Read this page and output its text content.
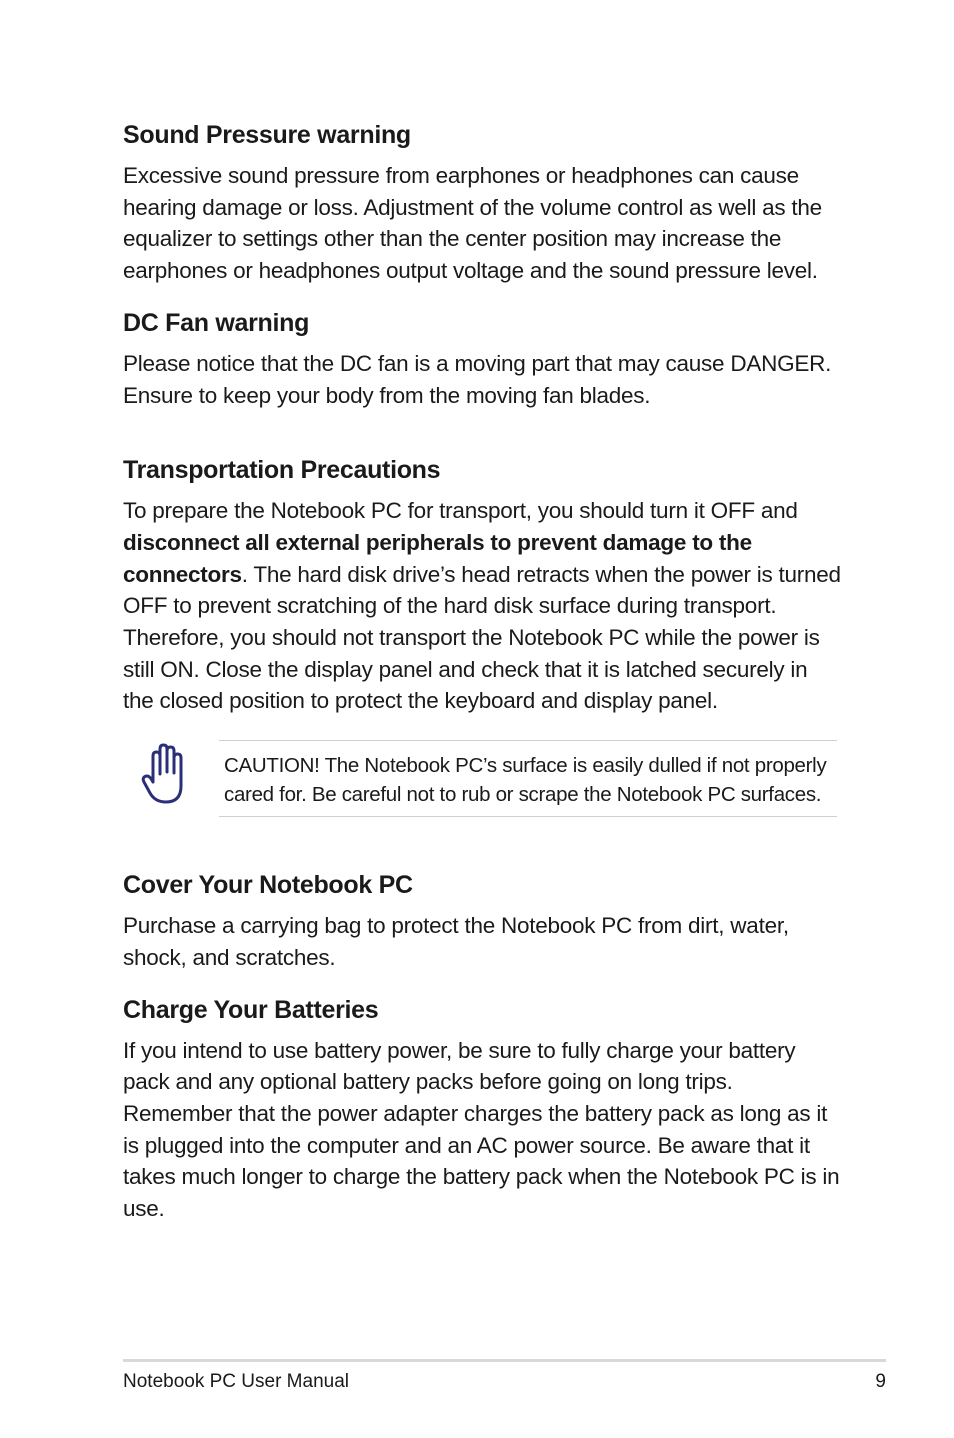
Sound Pressure warning

Excessive sound pressure from earphones or headphones can cause hearing damage or loss. Adjustment of the volume control as well as the equalizer to settings other than the center position may increase the earphones or headphones output voltage and the sound pressure level.

DC Fan warning

Please notice that the DC fan is a moving part that may cause DANGER. Ensure to keep your body from the moving fan blades.

Transportation Precautions

To prepare the Notebook PC for transport, you should turn it OFF and disconnect all external peripherals to prevent damage to the connectors. The hard disk drive’s head retracts when the power is turned OFF to prevent scratching of the hard disk surface during transport. Therefore, you should not transport the Notebook PC while the power is still ON. Close the display panel and check that it is latched securely in the closed position to protect the keyboard and display panel.

CAUTION! The Notebook PC’s surface is easily dulled if not properly cared for. Be careful not to rub or scrape the Notebook PC surfaces.

Cover Your Notebook PC

Purchase a carrying bag to protect the Notebook PC from dirt, water, shock, and scratches.

Charge Your Batteries

If you intend to use battery power, be sure to fully charge your battery pack and any optional battery packs before going on long trips. Remember that the power adapter charges the battery pack as long as it is plugged into the computer and an AC power source. Be aware that it takes much longer to charge the battery pack when the Notebook PC is in use.

Notebook PC User Manual	9
